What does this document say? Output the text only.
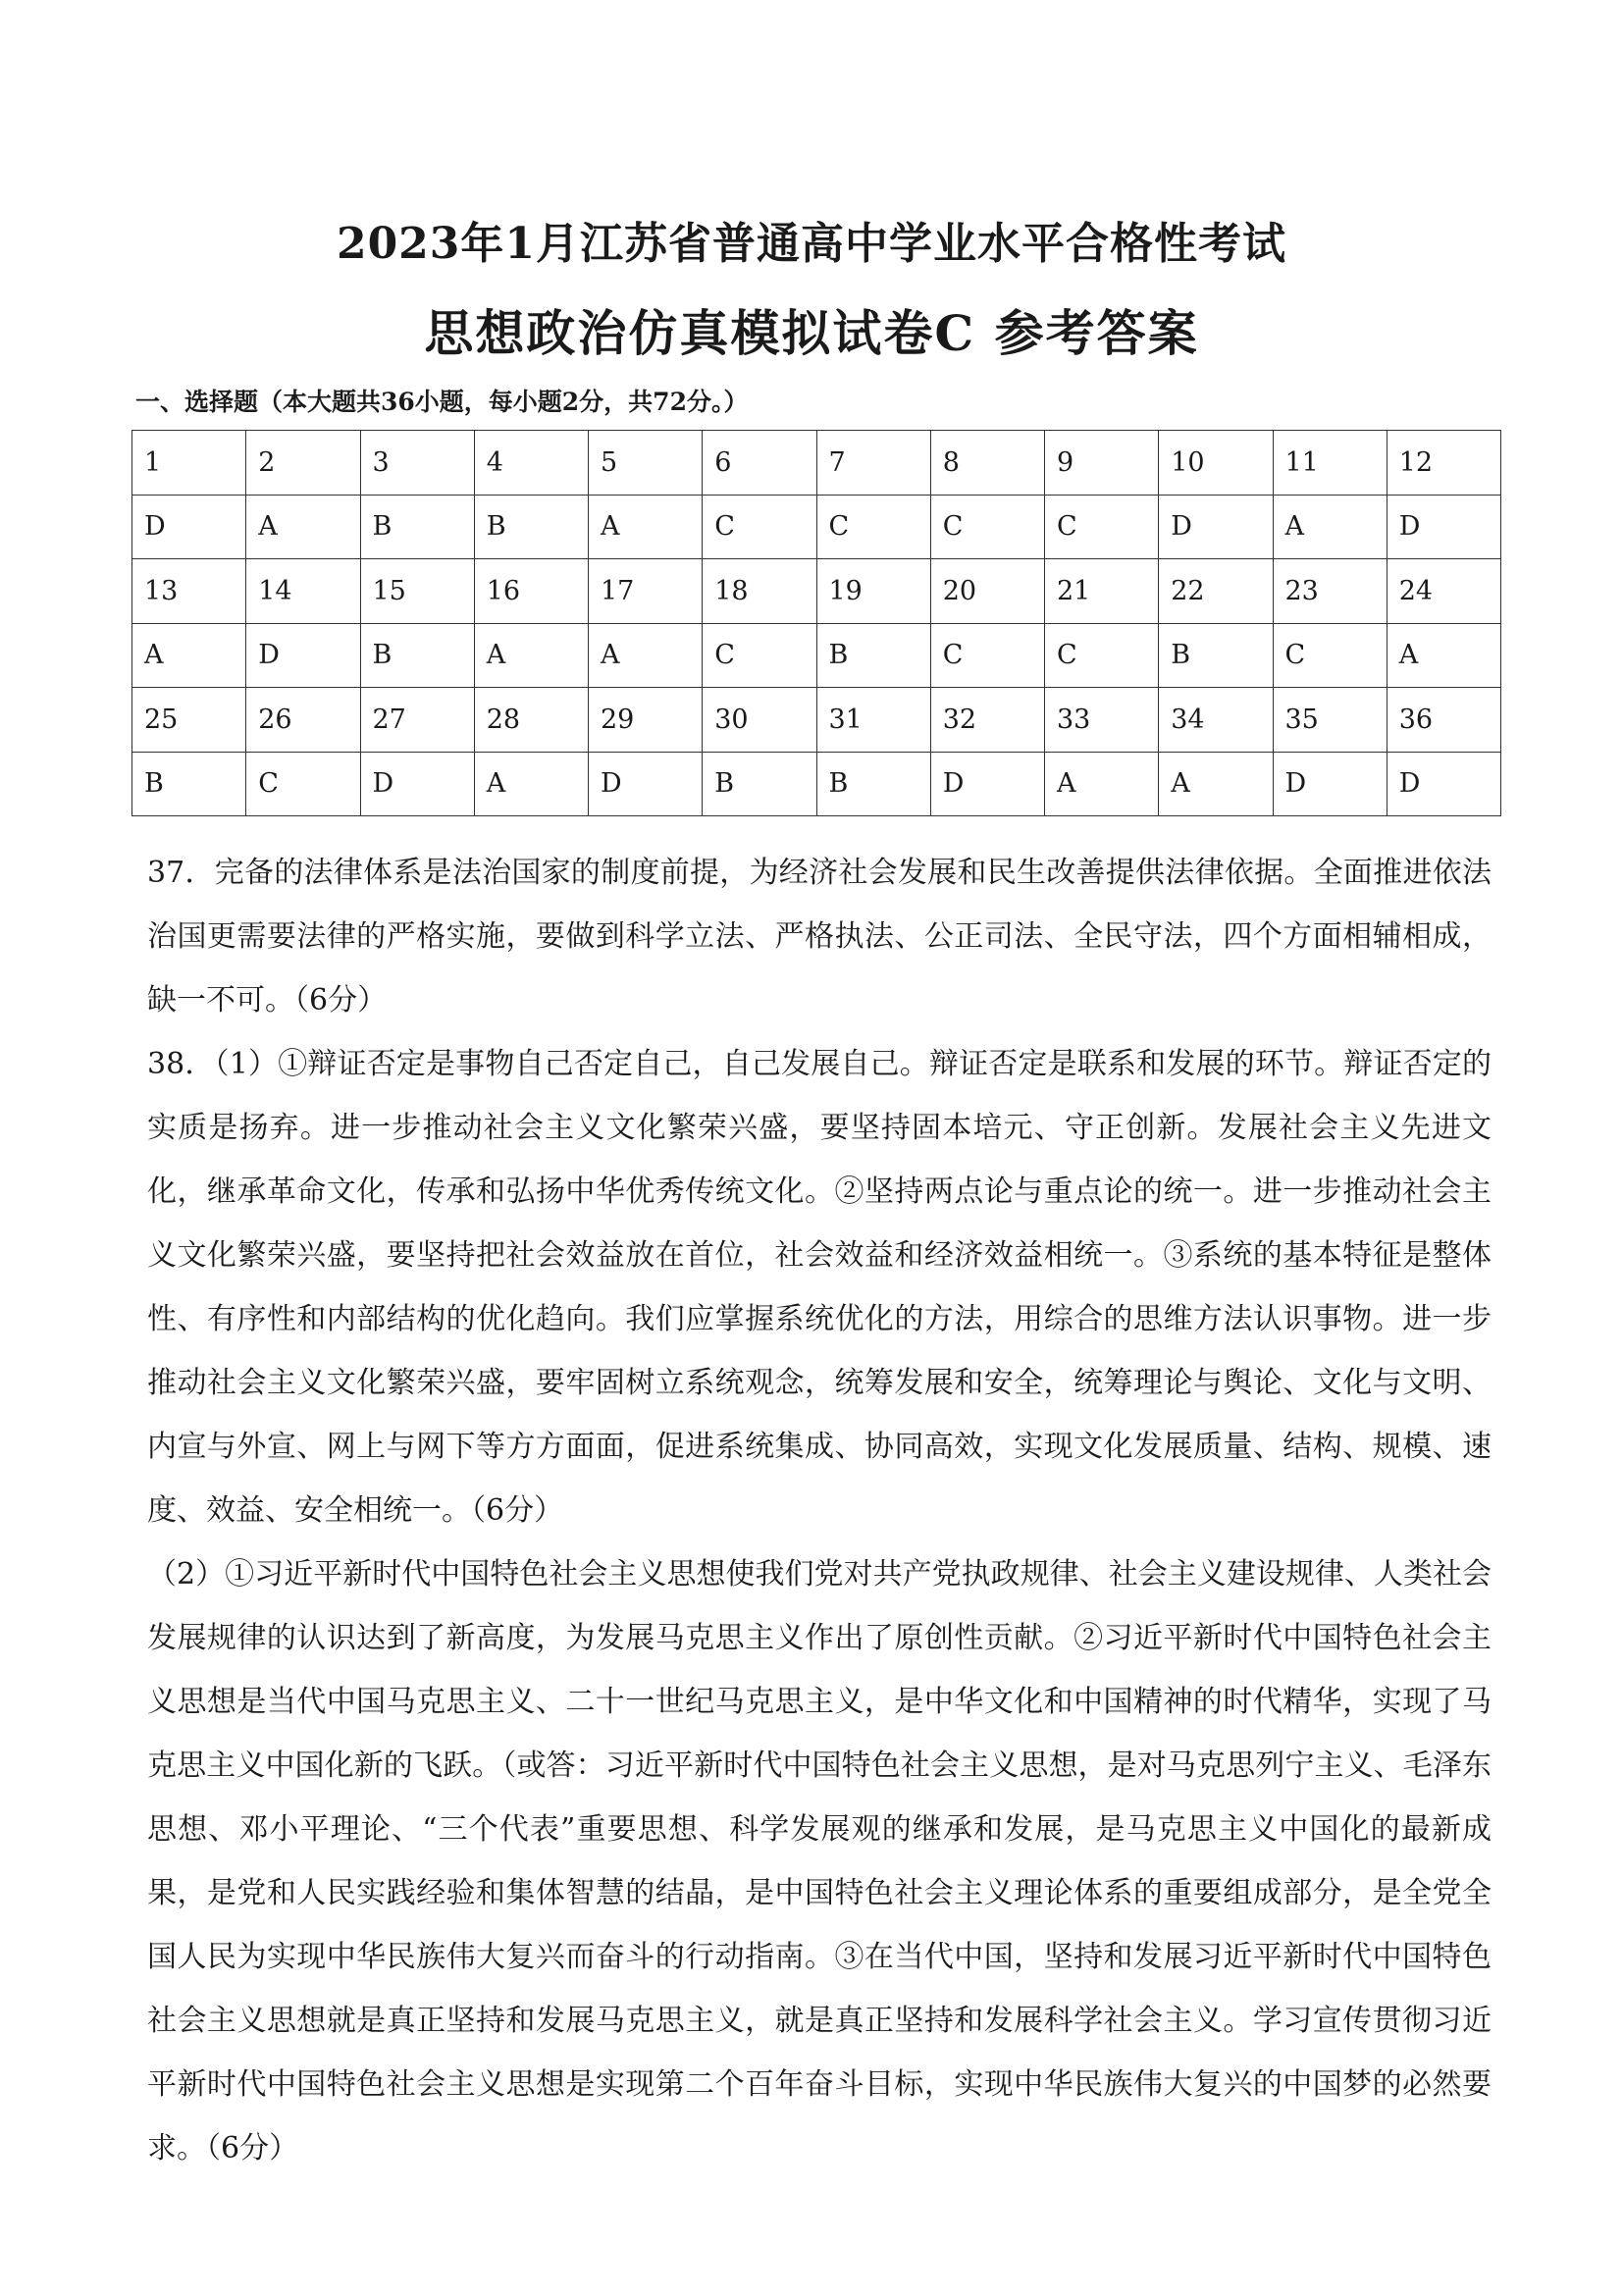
2023年1月江苏省普通高中学业水平合格性考试
思想政治仿真模拟试卷C 参考答案
一、选择题（本大题共36小题，每小题2分，共72分。）
1	2	3	4	5	6	7	8	9	10	11	12
D	A	B	B	A	C	C	C	C	D	A	D
13	14	15	16	17	18	19	20	21	22	23	24
A	D	B	A	A	C	B	C	C	B	C	A
25	26	27	28	29	30	31	32	33	34	35	36
B	C	D	A	D	B	B	D	A	A	D	D

37．完备的法律体系是法治国家的制度前提，为经济社会发展和民生改善提供法律依据。全面推进依法治国更需要法律的严格实施，要做到科学立法、严格执法、公正司法、全民守法，四个方面相辅相成，缺一不可。（6分）

38．（1）①辩证否定是事物自己否定自己，自己发展自己。辩证否定是联系和发展的环节。辩证否定的实质是扬弃。进一步推动社会主义文化繁荣兴盛，要坚持固本培元、守正创新。发展社会主义先进文化，继承革命文化，传承和弘扬中华优秀传统文化。②坚持两点论与重点论的统一。进一步推动社会主义文化繁荣兴盛，要坚持把社会效益放在首位，社会效益和经济效益相统一。③系统的基本特征是整体性、有序性和内部结构的优化趋向。我们应掌握系统优化的方法，用综合的思维方法认识事物。进一步推动社会主义文化繁荣兴盛，要牢固树立系统观念，统筹发展和安全，统筹理论与舆论、文化与文明、内宣与外宣、网上与网下等方方面面，促进系统集成、协同高效，实现文化发展质量、结构、规模、速度、效益、安全相统一。（6分）

（2）①习近平新时代中国特色社会主义思想使我们党对共产党执政规律、社会主义建设规律、人类社会发展规律的认识达到了新高度，为发展马克思主义作出了原创性贡献。②习近平新时代中国特色社会主义思想是当代中国马克思主义、二十一世纪马克思主义，是中华文化和中国精神的时代精华，实现了马克思主义中国化新的飞跃。（或答：习近平新时代中国特色社会主义思想，是对马克思列宁主义、毛泽东思想、邓小平理论、“三个代表”重要思想、科学发展观的继承和发展，是马克思主义中国化的最新成果，是党和人民实践经验和集体智慧的结晶，是中国特色社会主义理论体系的重要组成部分，是全党全国人民为实现中华民族伟大复兴而奋斗的行动指南。③在当代中国，坚持和发展习近平新时代中国特色社会主义思想就是真正坚持和发展马克思主义，就是真正坚持和发展科学社会主义。学习宣传贯彻习近平新时代中国特色社会主义思想是实现第二个百年奋斗目标，实现中华民族伟大复兴的中国梦的必然要求。（6分）
